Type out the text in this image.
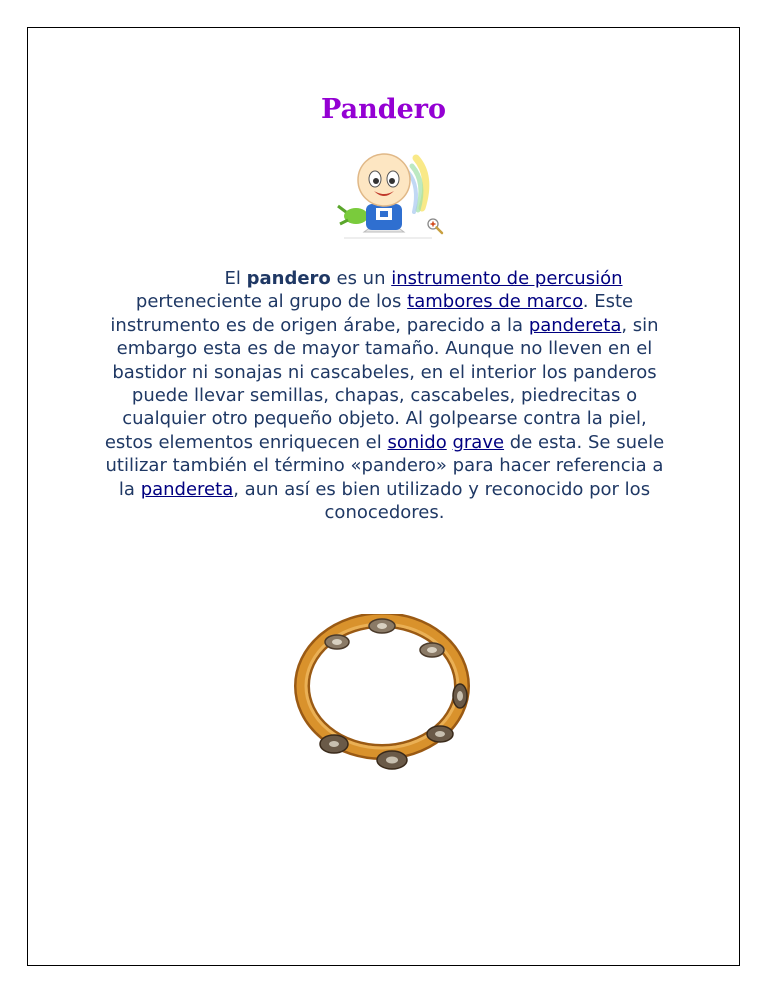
Pandero

El pandero es un instrumento de percusión perteneciente al grupo de los tambores de marco. Este instrumento es de origen árabe, parecido a la pandereta, sin embargo esta es de mayor tamaño. Aunque no lleven en el bastidor ni sonajas ni cascabeles, en el interior los panderos puede llevar semillas, chapas, cascabeles, piedrecitas o cualquier otro pequeño objeto. Al golpearse contra la piel, estos elementos enriquecen el sonido grave de esta. Se suele utilizar también el término «pandero» para hacer referencia a la pandereta, aun así es bien utilizado y reconocido por los conocedores.
